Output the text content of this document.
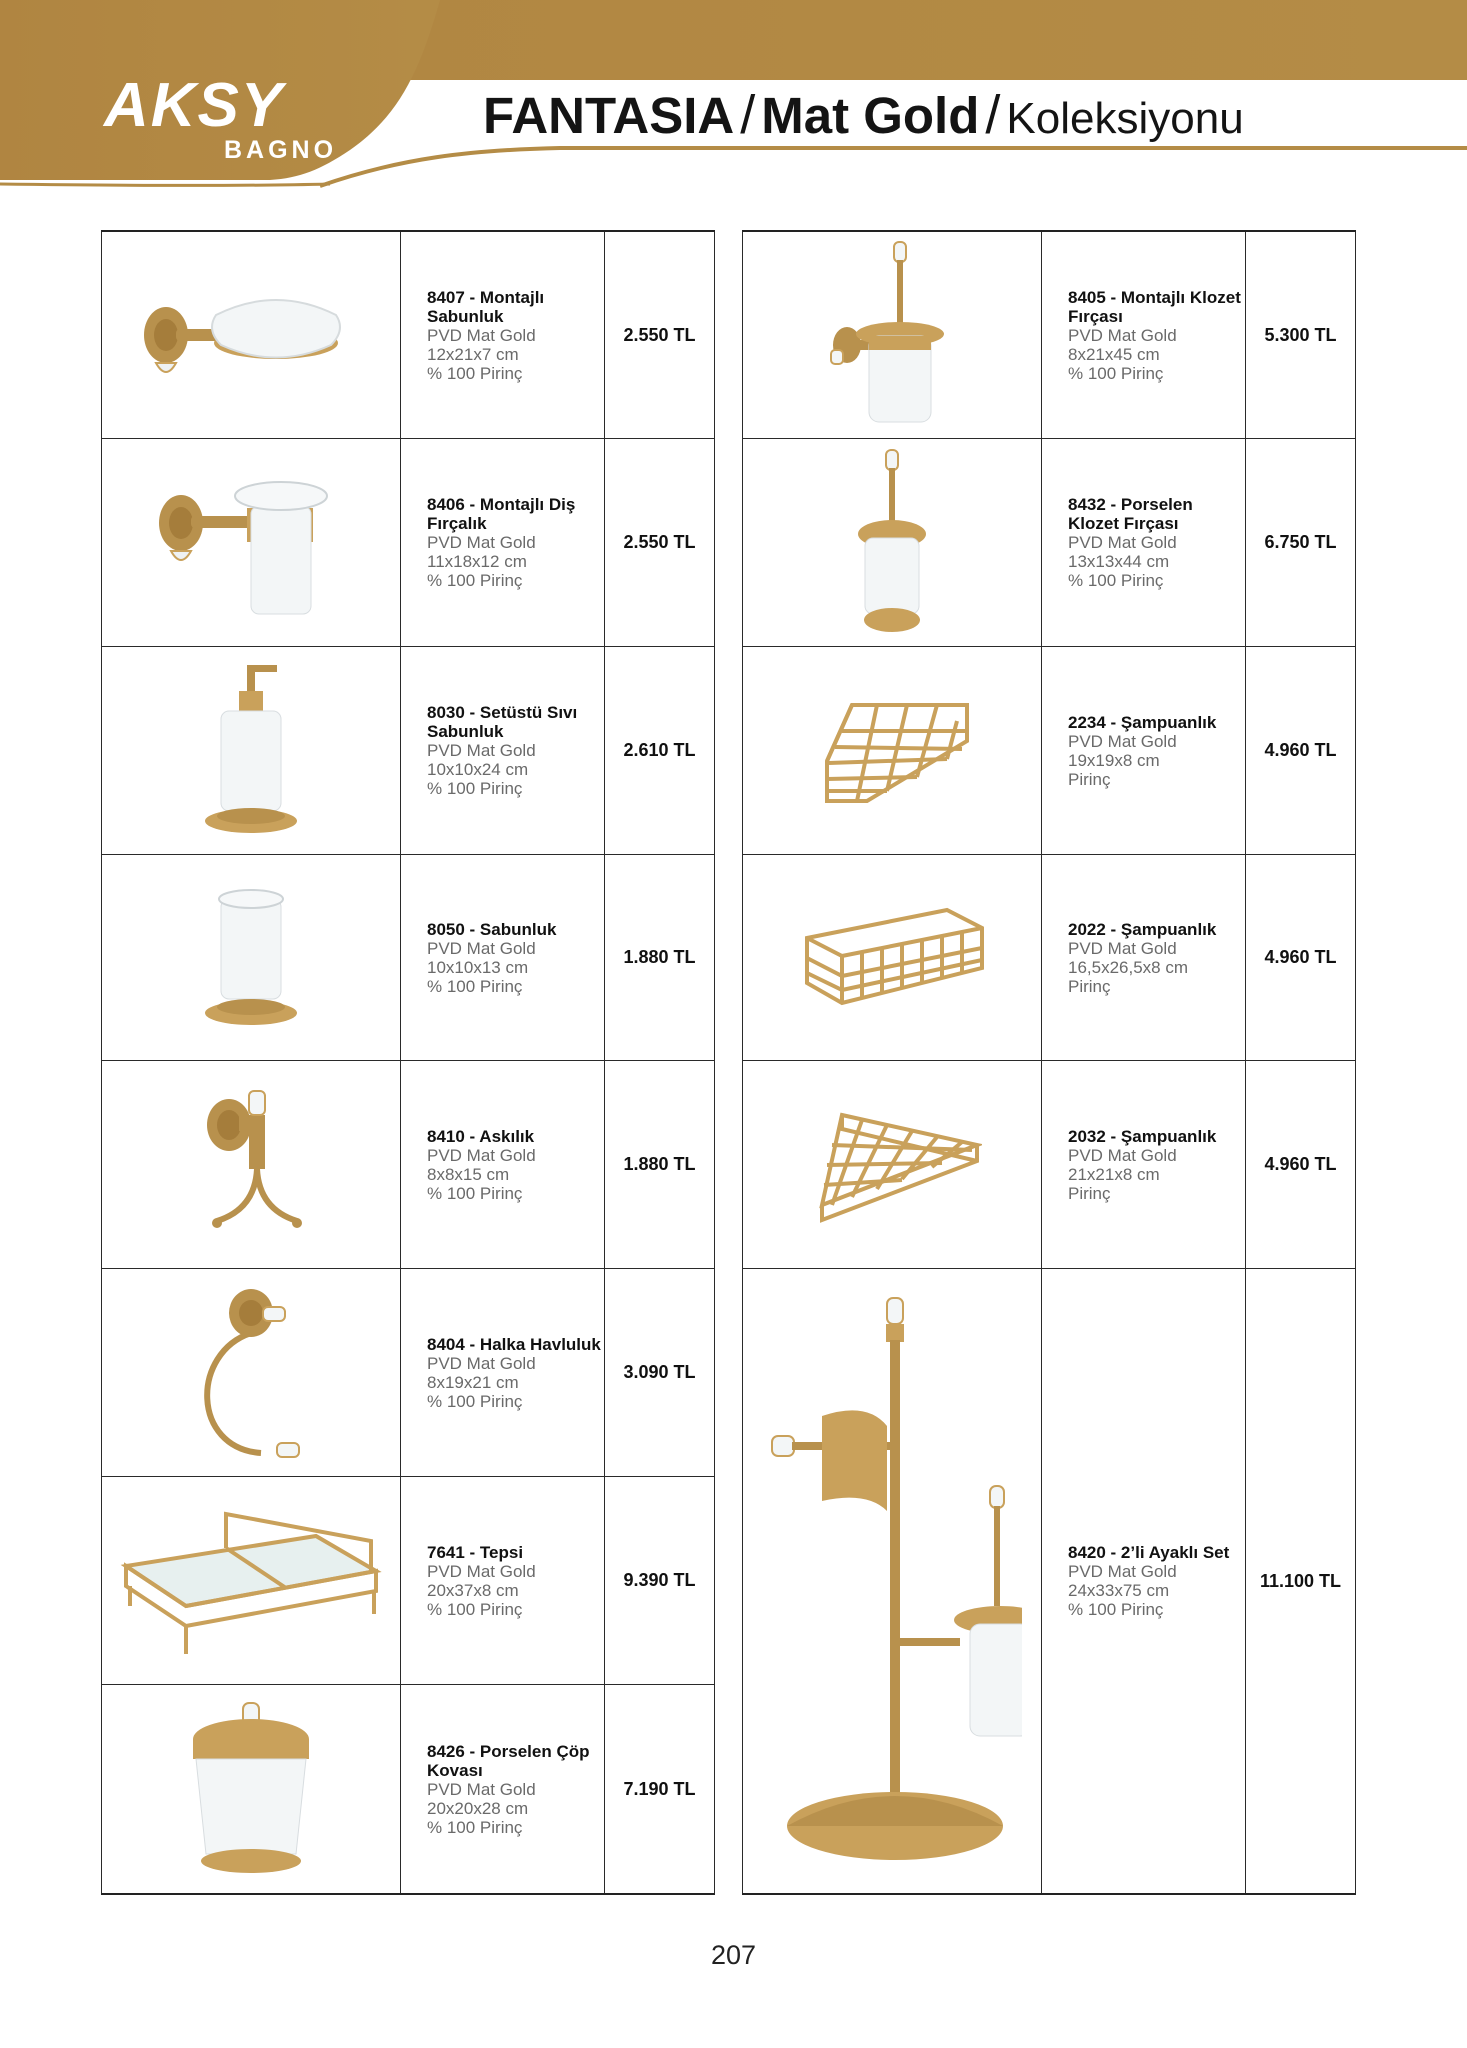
AKSY
BAGNO
FANTASIA / Mat Gold / Koleksiyonu
8407 - Montajlı Sabunluk
PVD Mat Gold
12x21x7 cm
% 100 Pirinç
2.550 TL
8406 - Montajlı Diş Fırçalık
PVD Mat Gold
11x18x12 cm
% 100 Pirinç
2.550 TL
8030 - Setüstü Sıvı Sabunluk
PVD Mat Gold
10x10x24 cm
% 100 Pirinç
2.610 TL
8050 - Sabunluk
PVD Mat Gold
10x10x13 cm
% 100 Pirinç
1.880 TL
8410 - Askılık
PVD Mat Gold
8x8x15 cm
% 100 Pirinç
1.880 TL
8404 - Halka Havluluk
PVD Mat Gold
8x19x21 cm
% 100 Pirinç
3.090 TL
7641 - Tepsi
PVD Mat Gold
20x37x8 cm
% 100 Pirinç
9.390 TL
8426 - Porselen Çöp Kovası
PVD Mat Gold
20x20x28 cm
% 100 Pirinç
7.190 TL
8405 - Montajlı Klozet Fırçası
PVD Mat Gold
8x21x45 cm
% 100 Pirinç
5.300 TL
8432 - Porselen Klozet Fırçası
PVD Mat Gold
13x13x44 cm
% 100 Pirinç
6.750 TL
2234 - Şampuanlık
PVD Mat Gold
19x19x8 cm
Pirinç
4.960 TL
2022 - Şampuanlık
PVD Mat Gold
16,5x26,5x8 cm
Pirinç
4.960 TL
2032 - Şampuanlık
PVD Mat Gold
21x21x8 cm
Pirinç
4.960 TL
8420 - 2’li Ayaklı Set
PVD Mat Gold
24x33x75 cm
% 100 Pirinç
11.100 TL
207
